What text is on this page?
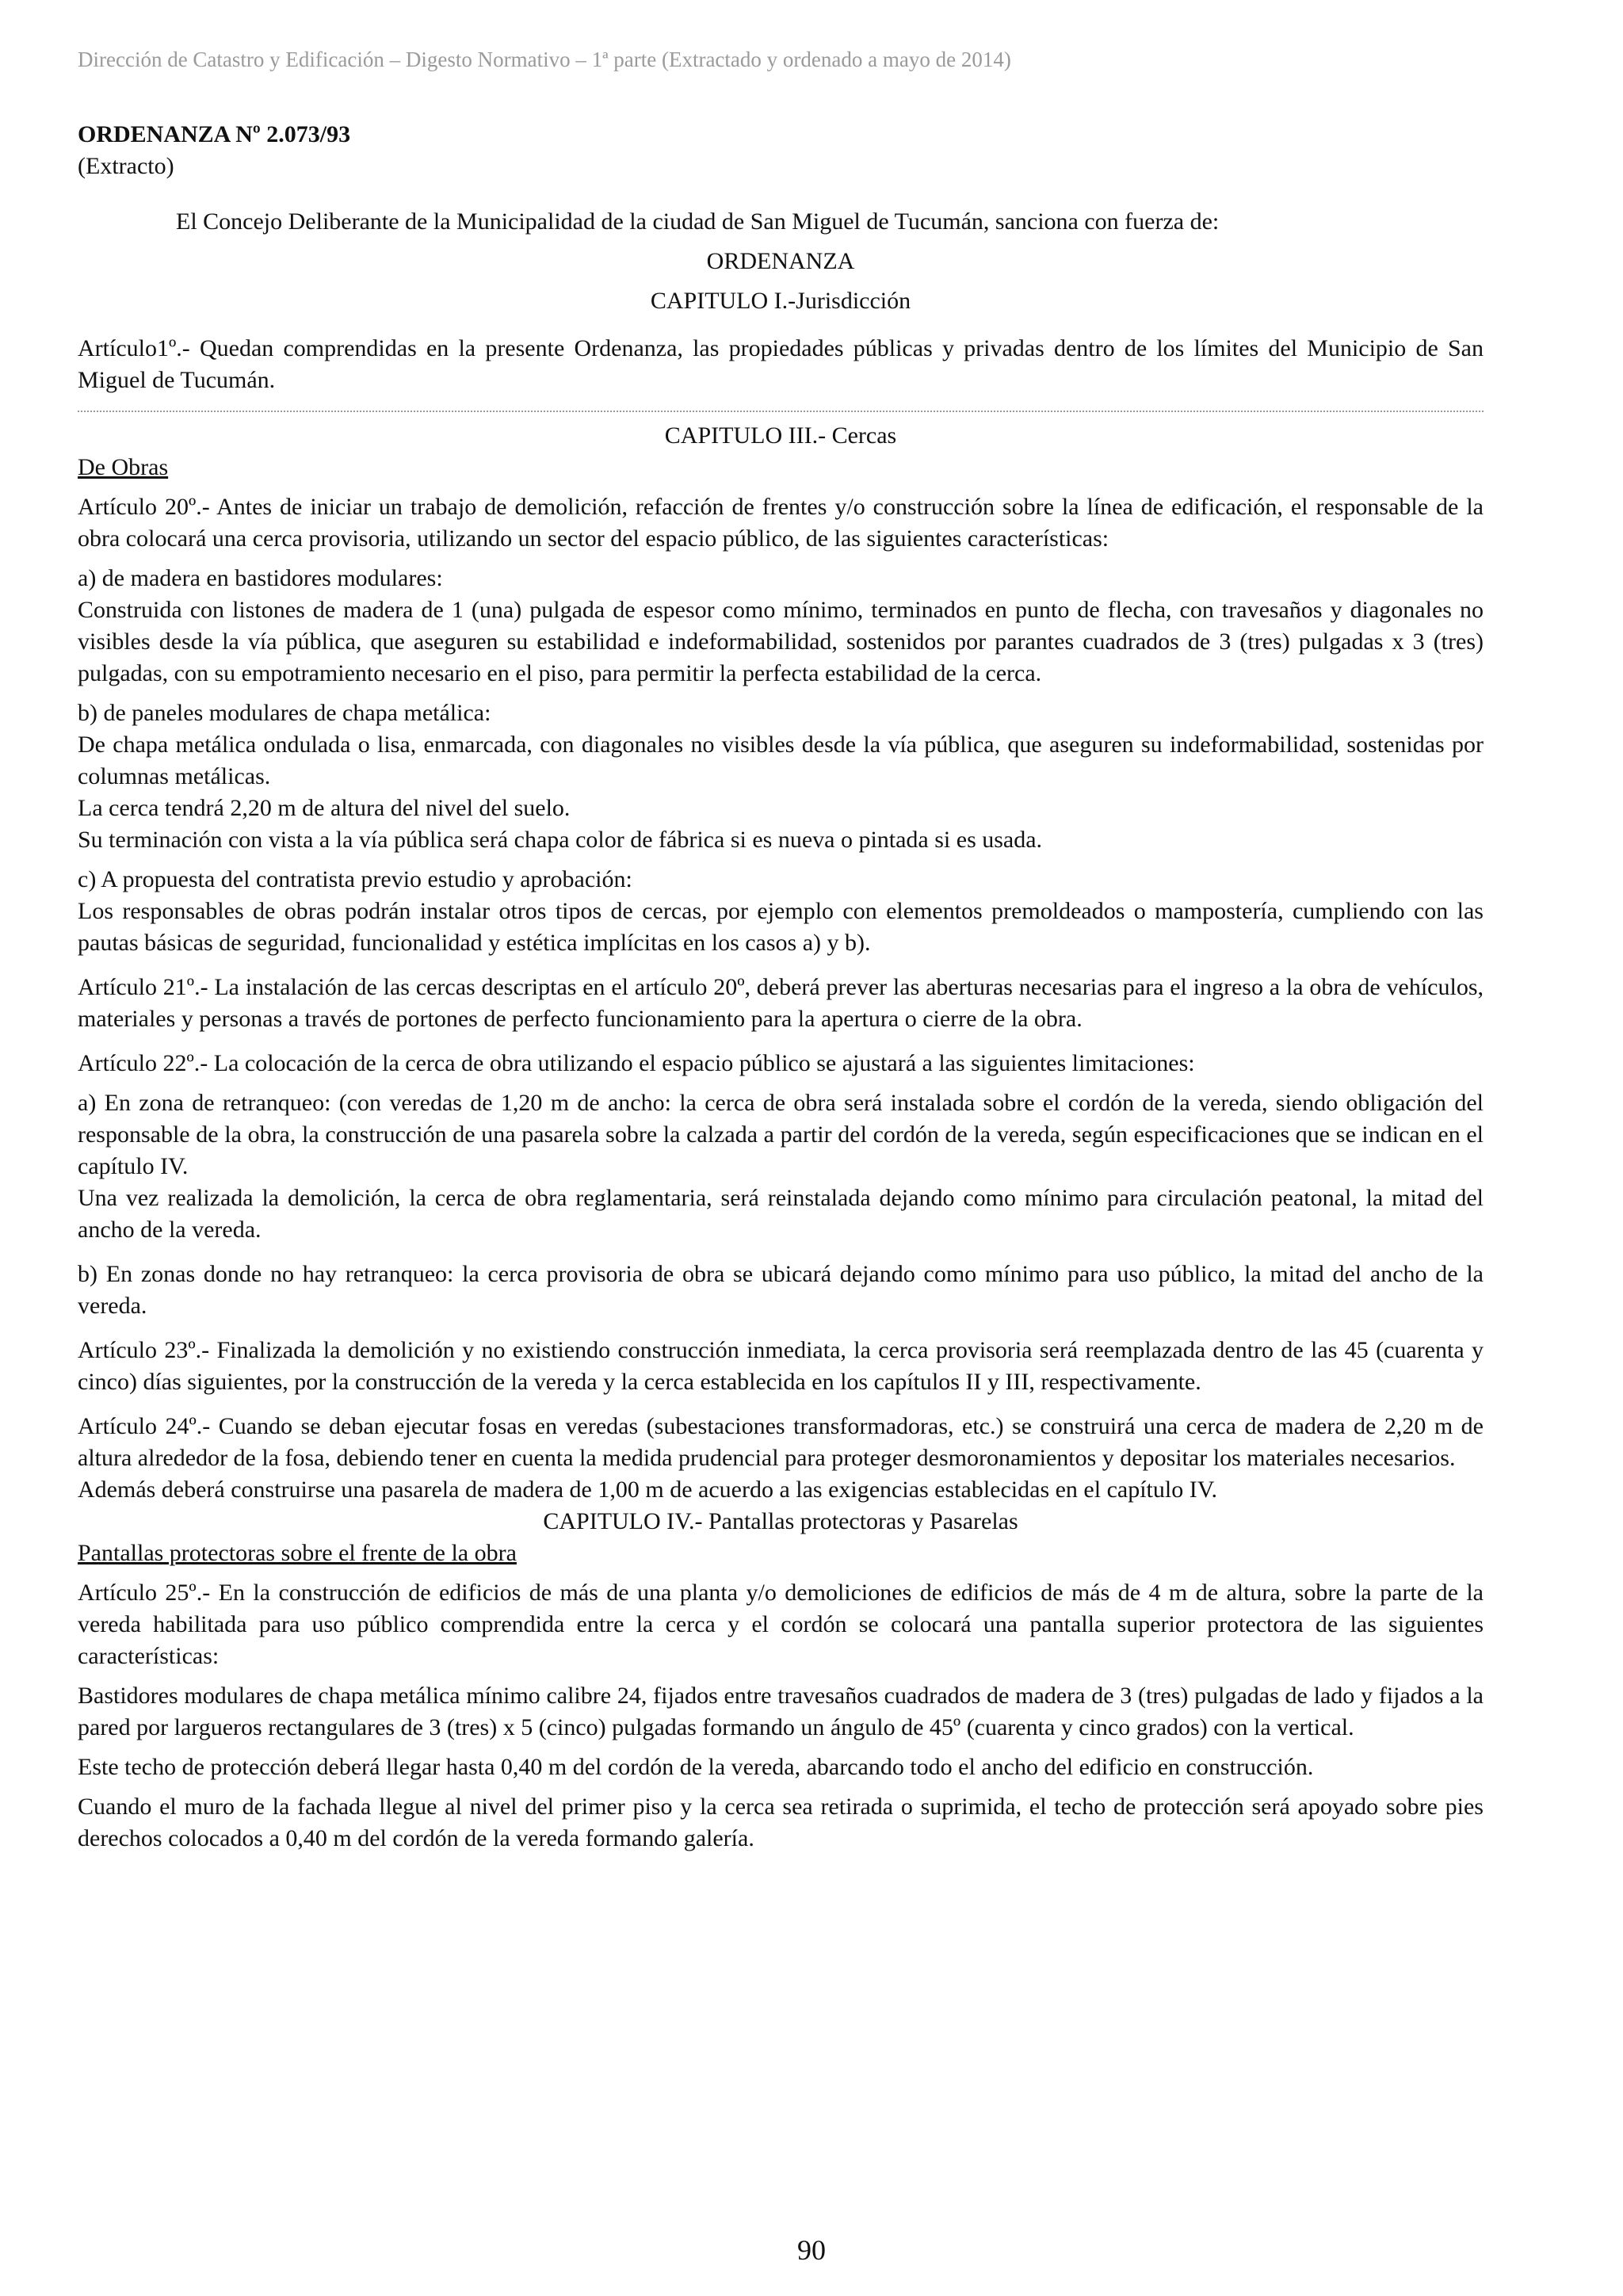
Dirección de Catastro y Edificación – Digesto Normativo – 1ª parte (Extractado y ordenado a mayo de 2014)

ORDENANZA Nº 2.073/93

(Extracto)

El Concejo Deliberante de la Municipalidad de la ciudad de San Miguel de Tucumán, sanciona con fuerza de:

ORDENANZA

CAPITULO I.-Jurisdicción

Artículo1º.- Quedan comprendidas en la presente Ordenanza, las propiedades públicas y privadas dentro de los límites del Municipio de San Miguel de Tucumán.

CAPITULO III.- Cercas

De Obras

Artículo 20º.- Antes de iniciar un trabajo de demolición, refacción de frentes y/o construcción sobre la línea de edificación, el responsable de la obra colocará una cerca provisoria, utilizando un sector del espacio público, de las siguientes características:

a) de madera en bastidores modulares:

Construida con listones de madera de 1 (una) pulgada de espesor como mínimo, terminados en punto de flecha, con travesaños y diagonales no visibles desde la vía pública, que aseguren su estabilidad e indeformabilidad, sostenidos por parantes cuadrados de 3 (tres) pulgadas x 3 (tres) pulgadas, con su empotramiento necesario en el piso, para permitir la perfecta estabilidad de la cerca.

b) de paneles modulares de chapa metálica:

De chapa metálica ondulada o lisa, enmarcada, con diagonales no visibles desde la vía pública, que aseguren su indeformabilidad, sostenidas por columnas metálicas.

La cerca tendrá 2,20 m de altura del nivel del suelo.

Su terminación con vista a la vía pública será chapa color de fábrica si es nueva o pintada si es usada.

c) A propuesta del contratista previo estudio y aprobación:

Los responsables de obras podrán instalar otros tipos de cercas, por ejemplo con elementos premoldeados o mampostería, cumpliendo con las pautas básicas de seguridad, funcionalidad y estética implícitas en los casos a) y b).

Artículo 21º.- La instalación de las cercas descriptas en el artículo 20º, deberá prever las aberturas necesarias para el ingreso a la obra de vehículos, materiales y personas a través de portones de perfecto funcionamiento para la apertura o cierre de la obra.

Artículo 22º.- La colocación de la cerca de obra utilizando el espacio público se ajustará a las siguientes limitaciones:

a) En zona de retranqueo: (con veredas de 1,20 m de ancho: la cerca de obra será instalada sobre el cordón de la vereda, siendo obligación del responsable de la obra, la construcción de una pasarela sobre la calzada a partir del cordón de la vereda, según especificaciones que se indican en el capítulo IV.

Una vez realizada la demolición, la cerca de obra reglamentaria, será reinstalada dejando como mínimo para circulación peatonal, la mitad del ancho de la vereda.

b) En zonas donde no hay retranqueo: la cerca provisoria de obra se ubicará dejando como mínimo para uso público, la mitad del ancho de la vereda.

Artículo 23º.- Finalizada la demolición y no existiendo construcción inmediata, la cerca provisoria será reemplazada dentro de las 45 (cuarenta y cinco) días siguientes, por la construcción de la vereda y la cerca establecida en los capítulos II y III, respectivamente.

Artículo 24º.- Cuando se deban ejecutar fosas en veredas (subestaciones transformadoras, etc.) se construirá una cerca de madera de 2,20 m de altura alrededor de la fosa, debiendo tener en cuenta la medida prudencial para proteger desmoronamientos y depositar los materiales necesarios.

Además deberá construirse una pasarela de madera de 1,00 m de acuerdo a las exigencias establecidas en el capítulo IV.

CAPITULO IV.- Pantallas protectoras y Pasarelas

Pantallas protectoras sobre el frente de la obra

Artículo 25º.- En la construcción de edificios de más de una planta y/o demoliciones de edificios de más de 4 m de altura, sobre la parte de la vereda habilitada para uso público comprendida entre la cerca y el cordón se colocará una pantalla superior protectora de las siguientes características:

Bastidores modulares de chapa metálica mínimo calibre 24, fijados entre travesaños cuadrados de madera de 3 (tres) pulgadas de lado y fijados a la pared por largueros rectangulares de 3 (tres) x 5 (cinco) pulgadas formando un ángulo de 45º (cuarenta y cinco grados) con la vertical.

Este techo de protección deberá llegar hasta 0,40 m del cordón de la vereda, abarcando todo el ancho del edificio en construcción.

Cuando el muro de la fachada llegue al nivel del primer piso y la cerca sea retirada o suprimida, el techo de protección será apoyado sobre pies derechos colocados a 0,40 m del cordón de la vereda formando galería.

90
